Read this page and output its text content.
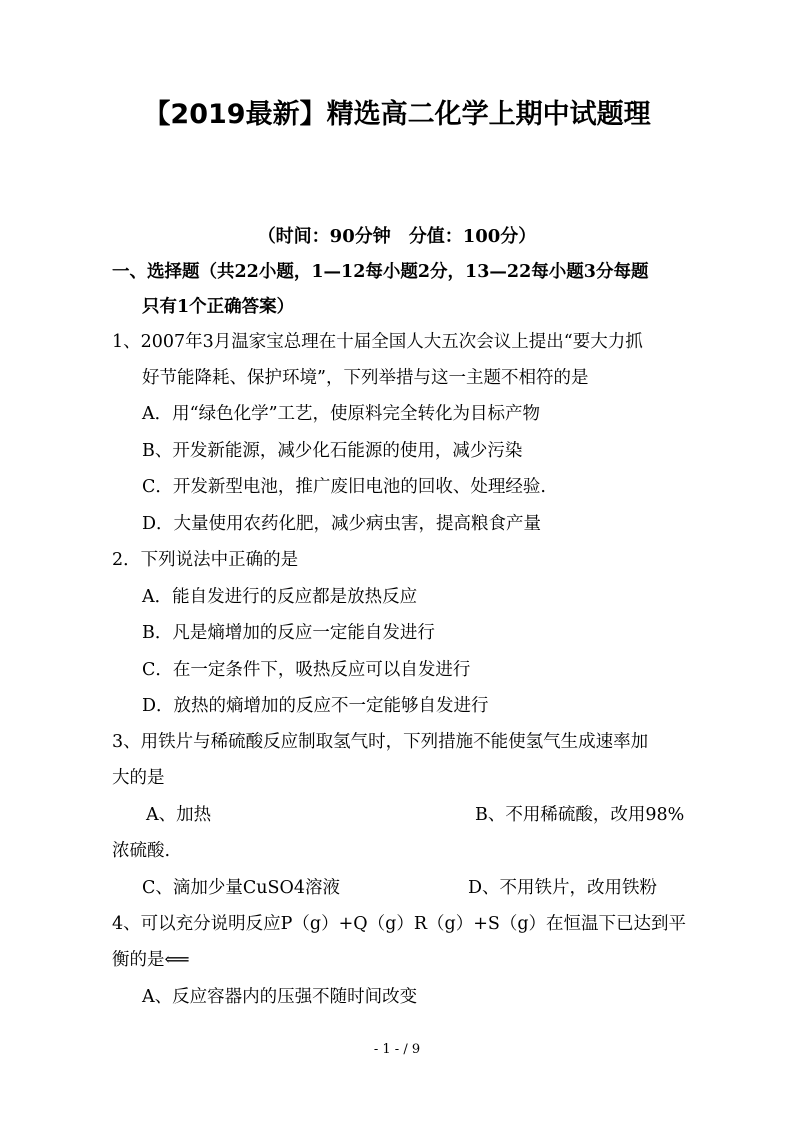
【2019最新】精选高二化学上期中试题理
（时间：90分钟　分值：100分）
一、选择题（共22小题，1—12每小题2分，13—22每小题3分每题
只有1个正确答案）
1、2007年3月温家宝总理在十届全国人大五次会议上提出“要大力抓
好节能降耗、保护环境”，下列举措与这一主题不相符的是
A．用“绿色化学”工艺，使原料完全转化为目标产物
B、开发新能源，减少化石能源的使用，减少污染
C．开发新型电池，推广废旧电池的回收、处理经验.
D．大量使用农药化肥，减少病虫害，提高粮食产量
2．下列说法中正确的是
A．能自发进行的反应都是放热反应
B．凡是熵增加的反应一定能自发进行
C．在一定条件下，吸热反应可以自发进行
D．放热的熵增加的反应不一定能够自发进行
3、用铁片与稀硫酸反应制取氢气时，下列措施不能使氢气生成速率加
大的是
A、加热	B、不用稀硫酸，改用98%
浓硫酸.
C、滴加少量CuSO4溶液	D、不用铁片，改用铁粉
4、可以充分说明反应P（g）+Q（g）R（g）+S（g）在恒温下已达到平
衡的是⟸
A、反应容器内的压强不随时间改变
- 1 - / 9
